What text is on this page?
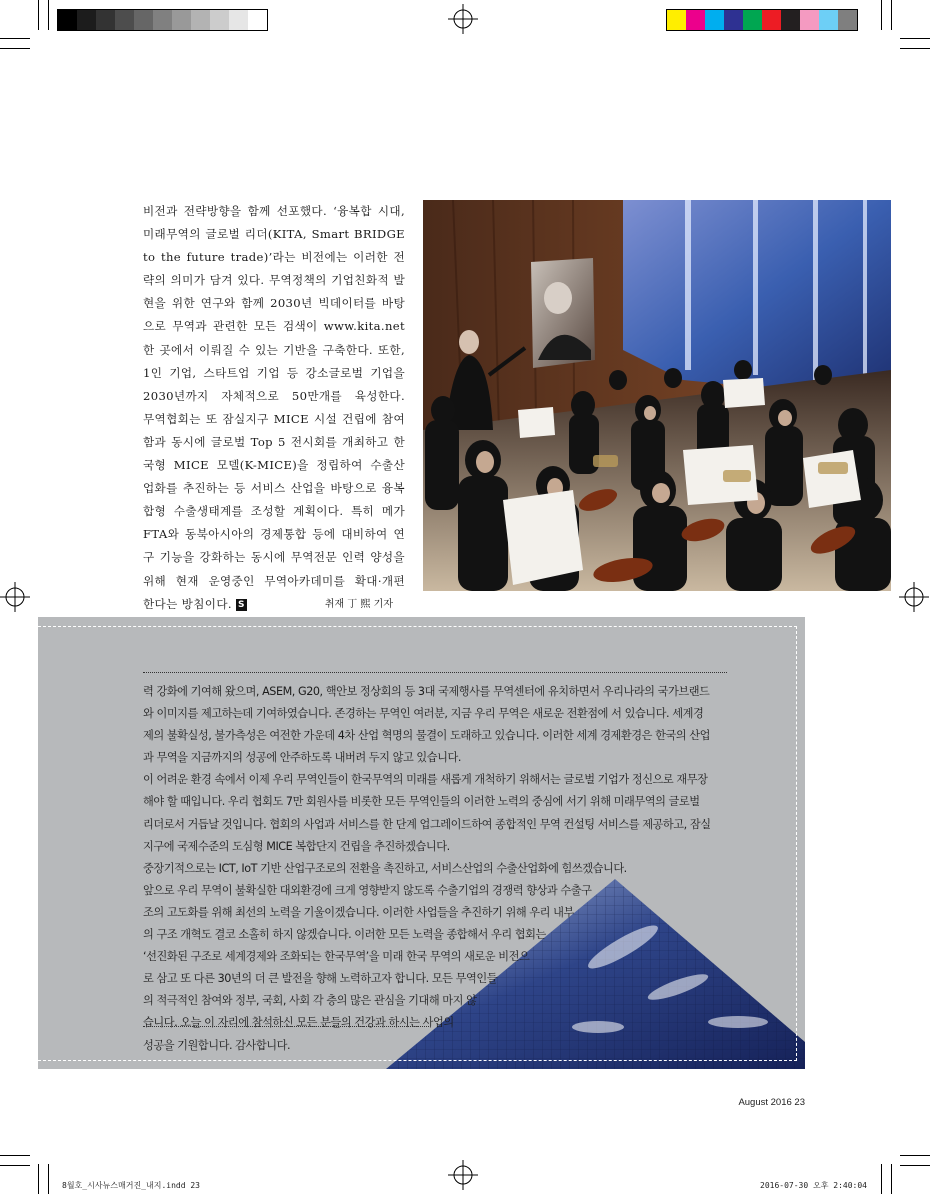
비전과 전략방향을 함께 선포했다. ‘융복합 시대,
미래무역의 글로벌 리더(KITA, Smart BRIDGE
to the future trade)’라는 비전에는 이러한 전
략의 의미가 담겨 있다. 무역정책의 기업친화적 발
현을 위한 연구와 함께 2030년 빅데이터를 바탕
으로 무역과 관련한 모든 검색이 www.kita.net
한 곳에서 이뤄질 수 있는 기반을 구축한다. 또한,
1인 기업, 스타트업 기업 등 강소글로벌 기업을
2030년까지 자체적으로 50만개를 육성한다.
무역협회는 또 잠실지구 MICE 시설 건립에 참여
함과 동시에 글로벌 Top 5 전시회를 개최하고 한
국형 MICE 모델(K-MICE)을 정립하여 수출산
업화를 추진하는 등 서비스 산업을 바탕으로 융복
합형 수출생태계를 조성할 계획이다. 특히 메가
FTA와 동북아시아의 경제통합 등에 대비하여 연
구 기능을 강화하는 동시에 무역전문 인력 양성을
위해 현재 운영중인 무역아카데미를 확대·개편
한다는 방침이다. S	취재 丁 熙 기자
력 강화에 기여해 왔으며, ASEM, G20, 핵안보 정상회의 등 3대 국제행사를 무역센터에 유치하면서 우리나라의 국가브랜드
와 이미지를 제고하는데 기여하였습니다. 존경하는 무역인 여러분, 지금 우리 무역은 새로운 전환점에 서 있습니다. 세계경
제의 불확실성, 불가측성은 여전한 가운데 4차 산업 혁명의 물결이 도래하고 있습니다. 이러한 세계 경제환경은 한국의 산업
과 무역을 지금까지의 성공에 안주하도록 내버려 두지 않고 있습니다.
이 어려운 환경 속에서 이제 우리 무역인들이 한국무역의 미래를 새롭게 개척하기 위해서는 글로벌 기업가 정신으로 재무장
해야 할 때입니다. 우리 협회도 7만 회원사를 비롯한 모든 무역인들의 이러한 노력의 중심에 서기 위해 미래무역의 글로벌
리더로서 거듭날 것입니다. 협회의 사업과 서비스를 한 단계 업그레이드하여 종합적인 무역 컨설팅 서비스를 제공하고, 잠실
지구에 국제수준의 도심형 MICE 복합단지 건립을 추진하겠습니다.
중장기적으로는 ICT, IoT 기반 산업구조로의 전환을 촉진하고, 서비스산업의 수출산업화에 힘쓰겠습니다.
앞으로 우리 무역이 불확실한 대외환경에 크게 영향받지 않도록 수출기업의 경쟁력 향상과 수출구
조의 고도화를 위해 최선의 노력을 기울이겠습니다. 이러한 사업들을 추진하기 위해 우리 내부
의 구조 개혁도 결코 소홀히 하지 않겠습니다. 이러한 모든 노력을 종합해서 우리 협회는
‘선진화된 구조로 세계경제와 조화되는 한국무역’을 미래 한국 무역의 새로운 비전으
로 삼고 또 다른 30년의 더 큰 발전을 향해 노력하고자 합니다. 모든 무역인들
의 적극적인 참여와 정부, 국회, 사회 각 층의 많은 관심을 기대해 마지 않
습니다. 오늘 이 자리에 참석하신 모든 분들의 건강과 하시는 사업의
성공을 기원합니다. 감사합니다.
August 2016 23
8월호_시사뉴스매거진_내지.indd 23	2016-07-30 오후 2:40:04
